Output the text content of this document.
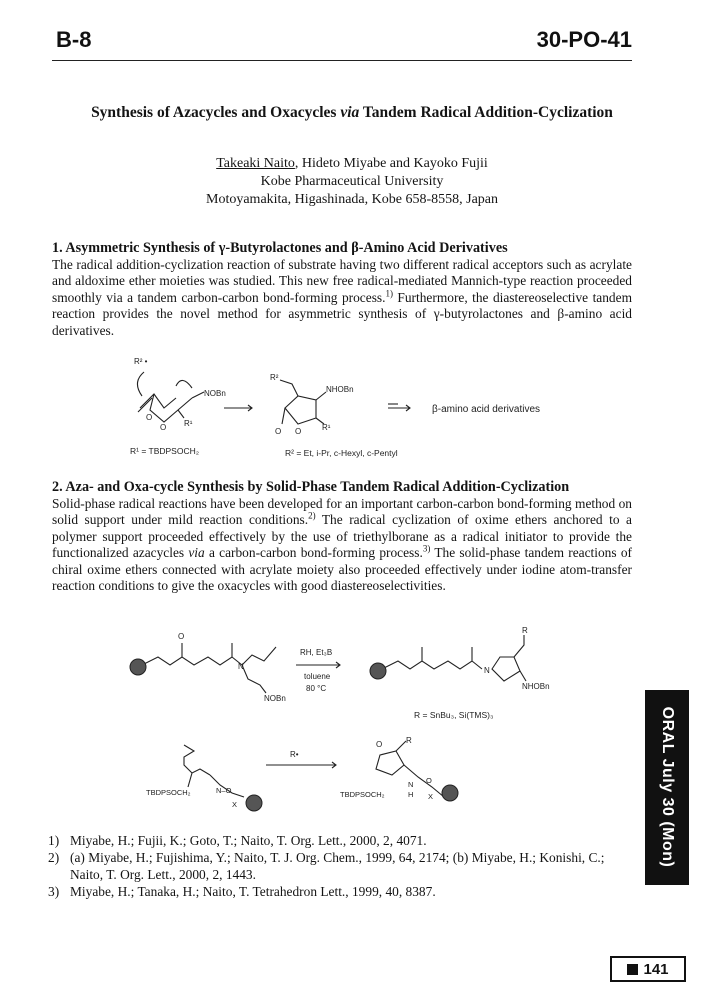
B-8	30-PO-41
Synthesis of Azacycles and Oxacycles via Tandem Radical Addition-Cyclization
Takeaki Naito, Hideto Miyabe and Kayoko Fujii
Kobe Pharmaceutical University
Motoyamakita, Higashinada, Kobe 658-8558, Japan
1. Asymmetric Synthesis of γ-Butyrolactones and β-Amino Acid Derivatives
The radical addition-cyclization reaction of substrate having two different radical acceptors such as acrylate and aldoxime ether moieties was studied. This new free radical-mediated Mannich-type reaction proceeded smoothly via a tandem carbon-carbon bond-forming process.$^{1)}$ Furthermore, the diastereoselective tandem reaction provides the novel method for asymmetric synthesis of γ-butyrolactones and β-amino acid derivatives.
R² •
NOBn
R¹
O
O
R¹ = TBDPSOCH₂
R²
NHOBn
R¹
O O
R² = Et, i-Pr, c-Hexyl, c-Pentyl
β-amino acid derivatives
2. Aza- and Oxa-cycle Synthesis by Solid-Phase Tandem Radical Addition-Cyclization
Solid-phase radical reactions have been developed for an important carbon-carbon bond-forming method on solid support under mild reaction conditions.$^{2)}$ The radical cyclization of oxime ethers anchored to a polymer support proceeded effectively by the use of triethylborane as a radical initiator to provide the functionalized azacycles via a carbon-carbon bond-forming process.$^{3)}$ The solid-phase tandem reactions of chiral oxime ethers connected with acrylate moiety also proceeded effectively under iodine atom-transfer reaction conditions to give the oxacycles with good diastereoselectivities.
O
N
NOBn
RH, Et₃B
toluene
80 °C
R
N
NHOBn
R = SnBu₃, Si(TMS)₃
TBDPSOCH₂	N–O
X
R•
O	R
TBDPSOCH₂
N
H
O
X
1) Miyabe, H.; Fujii, K.; Goto, T.; Naito, T. Org. Lett., 2000, 2, 4071.
2) (a) Miyabe, H.; Fujishima, Y.; Naito, T. J. Org. Chem., 1999, 64, 2174; (b) Miyabe, H.; Konishi, C.; Naito, T. Org. Lett., 2000, 2, 1443.
3) Miyabe, H.; Tanaka, H.; Naito, T. Tetrahedron Lett., 1999, 40, 8387.
ORAL July 30 (Mon)
141
